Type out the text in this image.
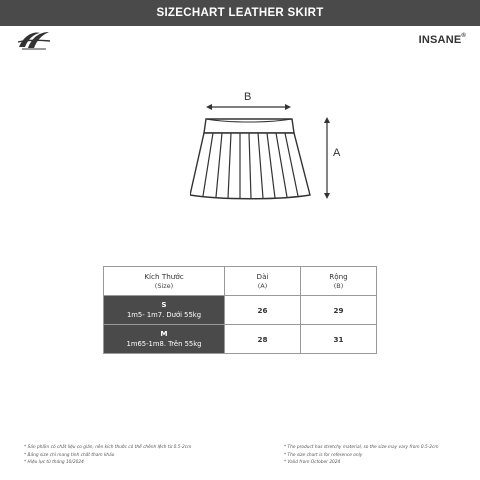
SIZECHART LEATHER SKIRT
INSANE®
B
A
Kích Thước
(Size)	Dài
(A)	Rộng
(B)

S
1m5- 1m7. Dưới 55kg	26	29

M
1m65-1m8. Trên 55kg	28	31
* Sản phẩm có chất liệu co giãn, nên kích thước có thể chênh lệch từ 0.5-2cm
* Bảng size chỉ mang tính chất tham khảo
* Hiệu lực từ tháng 10/2024
* The product has stretchy material, so the size may vary from 0.5-2cm
* The size chart is for reference only
* Valid from October 2024
